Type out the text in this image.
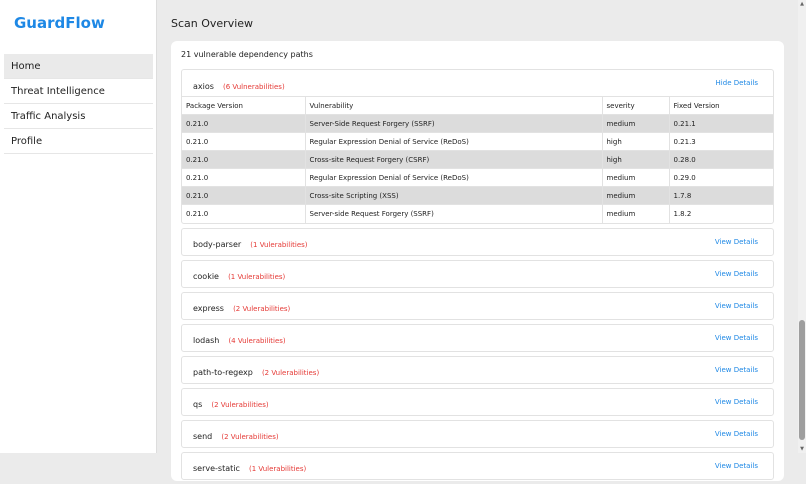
GuardFlow
Home
Threat Intelligence
Traffic Analysis
Profile
Scan Overview
21 vulnerable dependency paths
axios (6 Vulnerabilities)	Hide Details
Package Version	Vulnerability	severity	Fixed Version
0.21.0	Server-Side Request Forgery (SSRF)	medium	0.21.1
0.21.0	Regular Expression Denial of Service (ReDoS)	high	0.21.3
0.21.0	Cross-site Request Forgery (CSRF)	high	0.28.0
0.21.0	Regular Expression Denial of Service (ReDoS)	medium	0.29.0
0.21.0	Cross-site Scripting (XSS)	medium	1.7.8
0.21.0	Server-side Request Forgery (SSRF)	medium	1.8.2
body-parser (1 Vulerabilities)	View Details
cookie (1 Vulerabilities)	View Details
express (2 Vulerabilities)	View Details
lodash (4 Vulerabilities)	View Details
path-to-regexp (2 Vulerabilities)	View Details
qs (2 Vulerabilities)	View Details
send (2 Vulerabilities)	View Details
serve-static (1 Vulerabilities)	View Details
▲
▼
